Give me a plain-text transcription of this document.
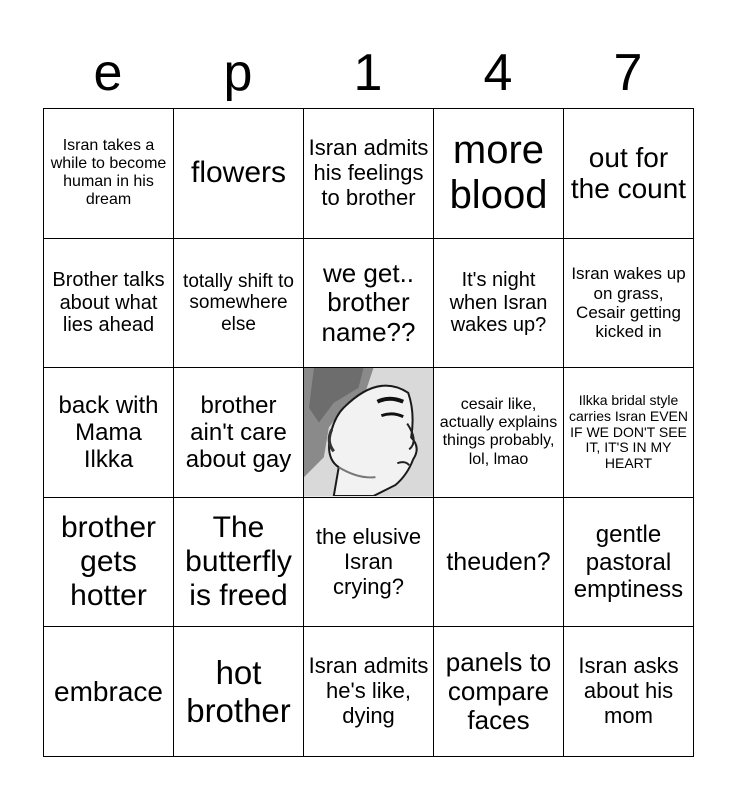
e	p	1	4	7
Isran takes a while to become human in his dream	flowers	Isran admits his feelings to brother	more blood	out for the count
Brother talks about what lies ahead	totally shift to somewhere else	we get.. brother name??	It's night when Isran wakes up?	Isran wakes up on grass, Cesair getting kicked in
back with Mama Ilkka	brother ain't care about gay		cesair like, actually explains things probably, lol, lmao	Ilkka bridal style carries Isran EVEN IF WE DON'T SEE IT, IT'S IN MY HEART
brother gets hotter	The butterfly is freed	the elusive Isran crying?	theuden?	gentle pastoral emptiness
embrace	hot brother	Isran admits he's like, dying	panels to compare faces	Isran asks about his mom
